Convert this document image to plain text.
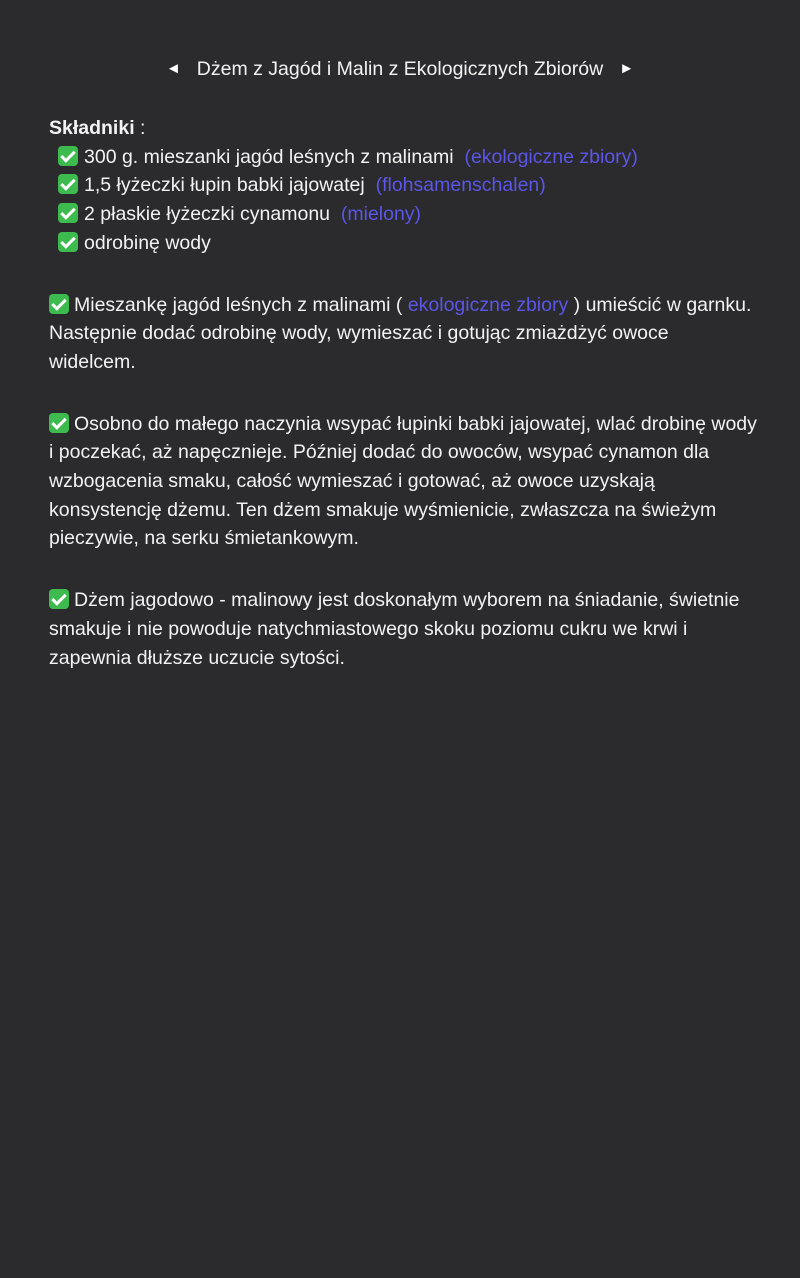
◄ Dżem z Jagód i Malin z Ekologicznych Zbiorów ►
Składniki :
300 g. mieszanki jagód leśnych z malinami (ekologiczne zbiory)
1,5 łyżeczki łupin babki jajowatej (flohsamenschalen)
2 płaskie łyżeczki cynamonu (mielony)
odrobinę wody
Mieszankę jagód leśnych z malinami ( ekologiczne zbiory ) umieścić w garnku. Następnie dodać odrobinę wody, wymieszać i gotując zmiażdżyć owoce widelcem.
Osobno do małego naczynia wsypać łupinki babki jajowatej, wlać drobinę wody i poczekać, aż napęcznieje. Później dodać do owoców, wsypać cynamon dla wzbogacenia smaku, całość wymieszać i gotować, aż owoce uzyskają konsystencję dżemu. Ten dżem smakuje wyśmienicie, zwłaszcza na świeżym pieczywie, na serku śmietankowym.
Dżem jagodowo - malinowy jest doskonałym wyborem na śniadanie, świetnie smakuje i nie powoduje natychmiastowego skoku poziomu cukru we krwi i zapewnia dłuższe uczucie sytości.
